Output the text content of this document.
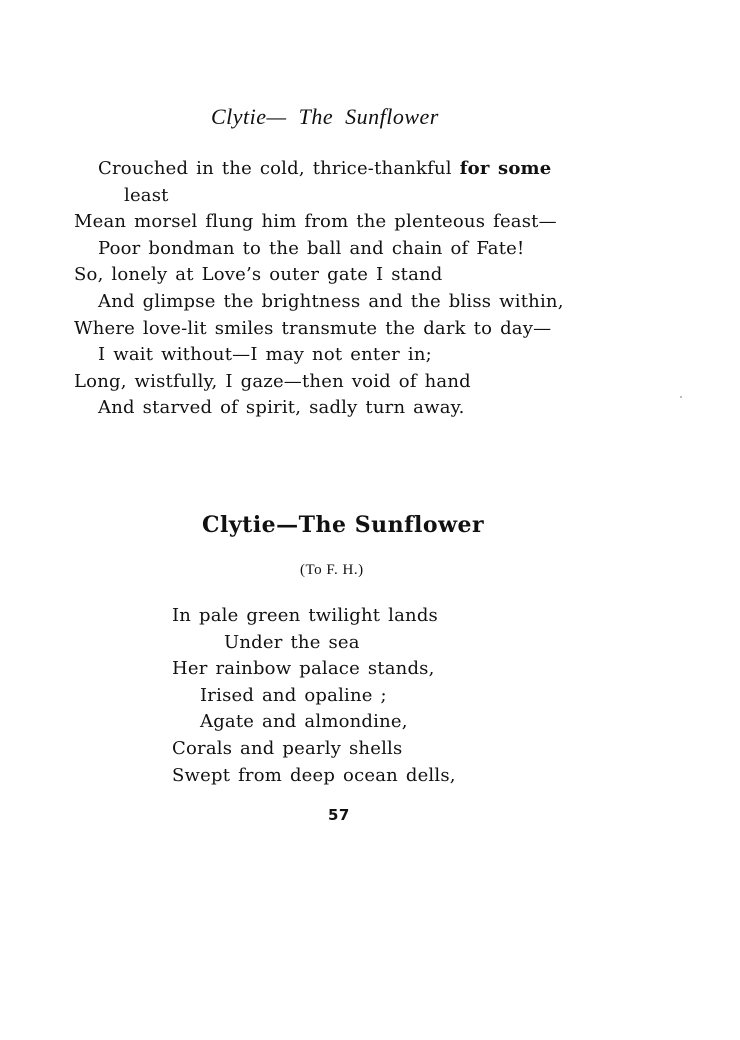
Clytie— The Sunflower
Crouched in the cold, thrice-thankful for some
least
Mean morsel flung him from the plenteous feast—
Poor bondman to the ball and chain of Fate!
So, lonely at Love’s outer gate I stand
And glimpse the brightness and the bliss within,
Where love-lit smiles transmute the dark to day—
I wait without—I may not enter in;
Long, wistfully, I gaze—then void of hand
And starved of spirit, sadly turn away.
Clytie—The Sunflower
(To F. H.)
In pale green twilight lands
Under the sea
Her rainbow palace stands,
Irised and opaline ;
Agate and almondine,
Corals and pearly shells
Swept from deep ocean dells,
57
